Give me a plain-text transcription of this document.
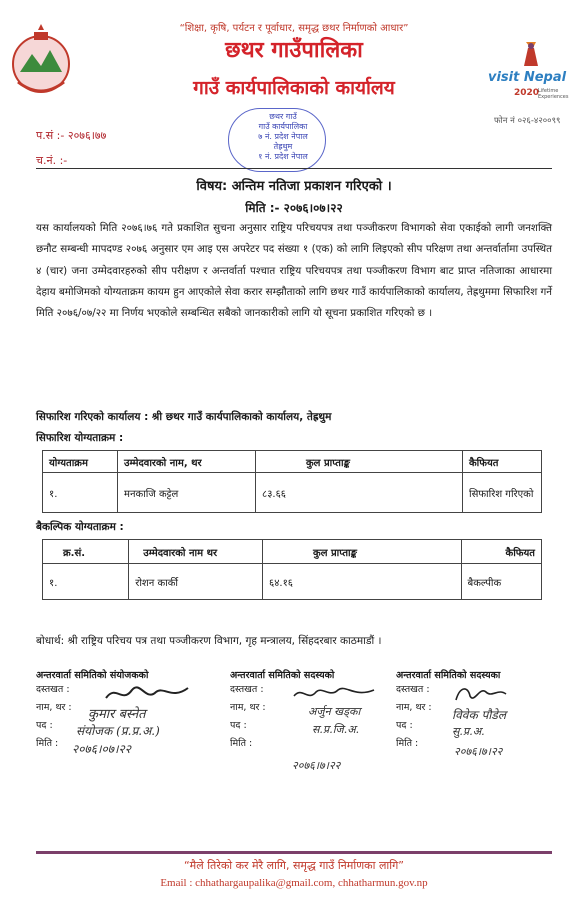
“शिक्षा, कृषि, पर्यटन र पूर्वाधार, समृद्ध छथर निर्माणको आधार”
छथर गाउँपालिका
गाउँ कार्यपालिकाको कार्यालय	visit Nepal
2020
Lifetime Experiences
फोन नं ०२६-४२००९९
छथर गाउँ
गाउँ कार्यपालिका
७ नं. प्रदेश नेपाल
तेह्रथुम
१ नं. प्रदेश नेपाल
प.सं :- २०७६।७७
च.नं. :-
विषय: अन्तिम नतिजा प्रकाशन गरिएको ।
मिति :- २०७६।०७।२२
यस कार्यालयको मिति २०७६।७६ गते प्रकाशित सुचना अनुसार राष्ट्रिय परिचयपत्र तथा पञ्जीकरण विभागको सेवा एकाईको लागी जनशक्ति छनौट सम्बन्धी मापदण्ड २०७६ अनुसार एम आइ एस अपरेटर पद संख्या १ (एक) को लागि लिइएको सीप परिक्षण तथा अन्तर्वार्तामा उपस्थित ४ (चार) जना उम्मेदवारहरुको सीप परीक्षण र अन्तर्वार्ता पश्चात राष्ट्रिय परिचयपत्र तथा पञ्जीकरण विभाग बाट प्राप्त नतिजाका आधारमा देहाय बमोजिमको योग्यताक्रम कायम हुन आएकोले सेवा करार सम्झौताको लागि छथर गाउँ कार्यपालिकाको कार्यालय, तेह्रथुममा सिफारिश गर्ने मिति २०७६/०७/२२ मा निर्णय भएकोले सम्बन्धित सबैको जानकारीको लागि यो सूचना प्रकाशित गरिएको छ ।
सिफारिश गरिएको कार्यालय : श्री छथर गाउँ कार्यपालिकाको कार्यालय, तेह्रथुम
सिफारिश योग्यताक्रम :
योग्यताक्रम	उम्मेदवारको नाम, थर	कुल प्राप्ताङ्क	कैफियत
१.	मनकाजि कट्टेल	८३.६६	सिफारिश गरिएको
बैकल्पिक योग्यताक्रम :
क्र.सं.	उम्मेदवारको नाम थर	कुल प्राप्ताङ्क	कैफियत
१.	रोशन कार्की	६४.१६	बैकल्पीक
बोधार्थ: श्री राष्ट्रिय परिचय पत्र तथा पञ्जीकरण विभाग, गृह मन्त्रालय, सिंहदरबार काठमाडौं ।
अन्तरवार्ता समितिको संयोजकको
दस्तखत :
नाम, थर :
पद :
मिति :
कुमार बस्नेत
संयोजक (प्र.प्र.अ.)
२०७६।०७।२२
अन्तरवार्ता समितिको सदस्यको
दस्तखत :
नाम, थर :
पद :
मिति :
अर्जुन खड्का
स.प्र.जि.अ.
२०७६।७।२२
अन्तरवार्ता समितिको सदस्यका
दस्तखत :
नाम, थर :
पद :
मिति :
विवेक पौडेल
सु.प्र.अ.
२०७६।७।२२
“मैले तिरेको कर मेरै लागि, समृद्ध गाउँ निर्माणका लागि”
Email : chhathargaupalika@gmail.com, chhatharmun.gov.np
